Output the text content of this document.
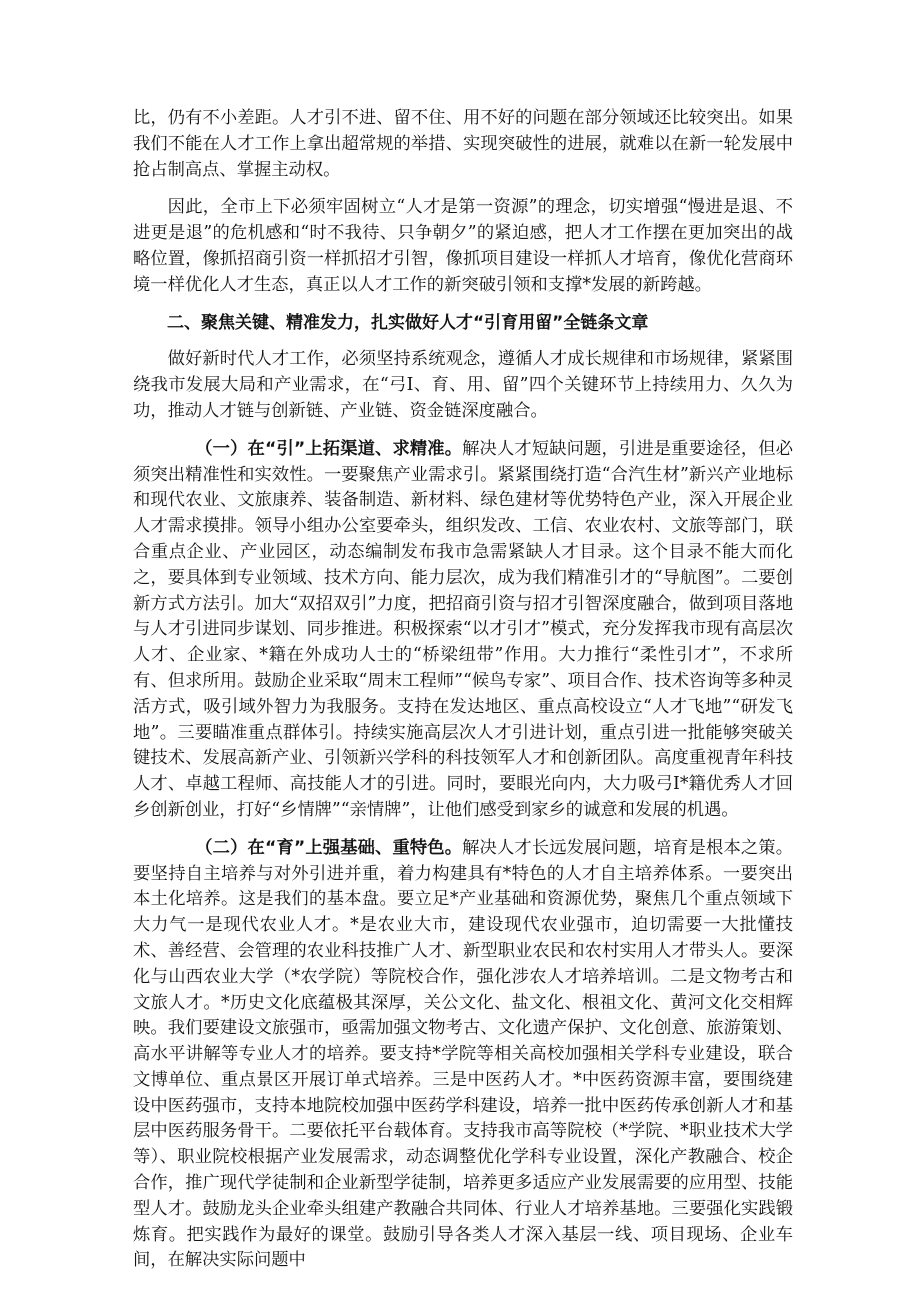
比，仍有不小差距。人才引不进、留不住、用不好的问题在部分领域还比较突出。如果我们不能在人才工作上拿出超常规的举措、实现突破性的进展，就难以在新一轮发展中抢占制高点、掌握主动权。

因此，全市上下必须牢固树立“人才是第一资源”的理念，切实增强“慢进是退、不进更是退”的危机感和“时不我待、只争朝夕”的紧迫感，把人才工作摆在更加突出的战略位置，像抓招商引资一样抓招才引智，像抓项目建设一样抓人才培育，像优化营商环境一样优化人才生态，真正以人才工作的新突破引领和支撑*发展的新跨越。

二、聚焦关键、精准发力，扎实做好人才“引育用留”全链条文章

做好新时代人才工作，必须坚持系统观念，遵循人才成长规律和市场规律，紧紧围绕我市发展大局和产业需求，在“弓I、育、用、留”四个关键环节上持续用力、久久为功，推动人才链与创新链、产业链、资金链深度融合。

（一）在“引”上拓渠道、求精准。解决人才短缺问题，引进是重要途径，但必须突出精准性和实效性。一要聚焦产业需求引。紧紧围绕打造“合汽生材”新兴产业地标和现代农业、文旅康养、装备制造、新材料、绿色建材等优势特色产业，深入开展企业人才需求摸排。领导小组办公室要牵头，组织发改、工信、农业农村、文旅等部门，联合重点企业、产业园区，动态编制发布我市急需紧缺人才目录。这个目录不能大而化之，要具体到专业领域、技术方向、能力层次，成为我们精准引才的“导航图”。二要创新方式方法引。加大“双招双引”力度，把招商引资与招才引智深度融合，做到项目落地与人才引进同步谋划、同步推进。积极探索“以才引才”模式，充分发挥我市现有高层次人才、企业家、*籍在外成功人士的“桥梁纽带”作用。大力推行“柔性引才”，不求所有、但求所用。鼓励企业采取“周末工程师”“候鸟专家”、项目合作、技术咨询等多种灵活方式，吸引域外智力为我服务。支持在发达地区、重点高校设立“人才飞地”“研发飞地”。三要瞄准重点群体引。持续实施高层次人才引进计划，重点引进一批能够突破关键技术、发展高新产业、引领新兴学科的科技领军人才和创新团队。高度重视青年科技人才、卓越工程师、高技能人才的引进。同时，要眼光向内，大力吸弓I*籍优秀人才回乡创新创业，打好“乡情牌”“亲情牌”，让他们感受到家乡的诚意和发展的机遇。

（二）在“育”上强基础、重特色。解决人才长远发展问题，培育是根本之策。要坚持自主培养与对外引进并重，着力构建具有*特色的人才自主培养体系。一要突出本土化培养。这是我们的基本盘。要立足*产业基础和资源优势，聚焦几个重点领域下大力气一是现代农业人才。*是农业大市，建设现代农业强市，迫切需要一大批懂技术、善经营、会管理的农业科技推广人才、新型职业农民和农村实用人才带头人。要深化与山西农业大学（*农学院）等院校合作，强化涉农人才培养培训。二是文物考古和文旅人才。*历史文化底蕴极其深厚，关公文化、盐文化、根祖文化、黄河文化交相辉映。我们要建设文旅强市，亟需加强文物考古、文化遗产保护、文化创意、旅游策划、高水平讲解等专业人才的培养。要支持*学院等相关高校加强相关学科专业建设，联合文博单位、重点景区开展订单式培养。三是中医药人才。*中医药资源丰富，要围绕建设中医药强市，支持本地院校加强中医药学科建设，培养一批中医药传承创新人才和基层中医药服务骨干。二要依托平台载体育。支持我市高等院校（*学院、*职业技术大学等）、职业院校根据产业发展需求，动态调整优化学科专业设置，深化产教融合、校企合作，推广现代学徒制和企业新型学徒制，培养更多适应产业发展需要的应用型、技能型人才。鼓励龙头企业牵头组建产教融合共同体、行业人才培养基地。三要强化实践锻炼育。把实践作为最好的课堂。鼓励引导各类人才深入基层一线、项目现场、企业车间，在解决实际问题中
